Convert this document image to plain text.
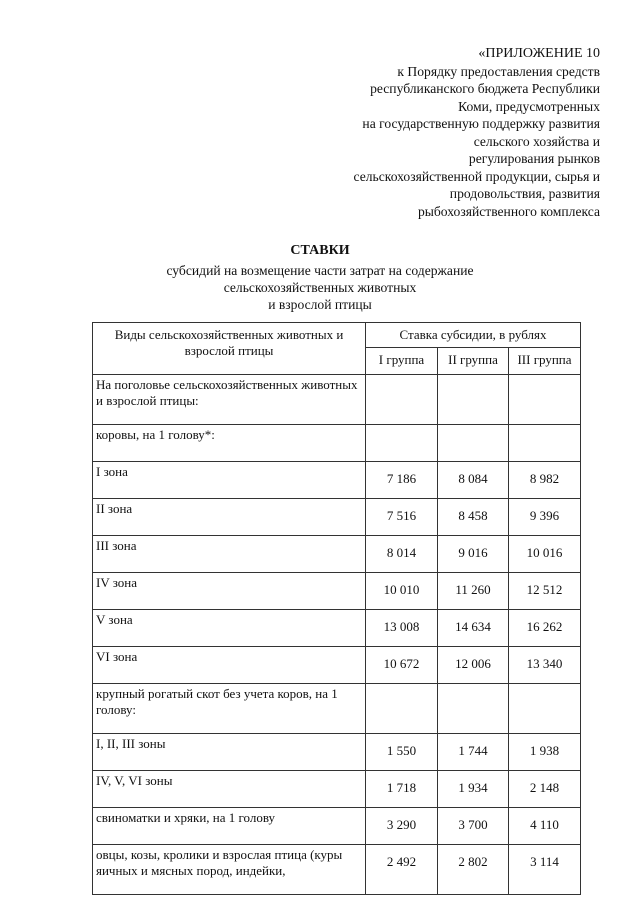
«ПРИЛОЖЕНИЕ 10
к Порядку предоставления средств
республиканского бюджета Республики
Коми, предусмотренных
на государственную поддержку развития
сельского хозяйства и
регулирования рынков
сельскохозяйственной продукции, сырья и
продовольствия, развития
рыбохозяйственного комплекса
СТАВКИ
субсидий на возмещение части затрат на содержание
сельскохозяйственных животных
и взрослой птицы
Виды сельскохозяйственных животных и взрослой птицы	Ставка субсидии, в рублях		
	I группа	II группа	III группа
На поголовье сельскохозяйственных животных и взрослой птицы:			
коровы, на 1 голову*:			
I зона	7 186	8 084	8 982
II зона	7 516	8 458	9 396
III зона	8 014	9 016	10 016
IV зона	10 010	11 260	12 512
V зона	13 008	14 634	16 262
VI зона	10 672	12 006	13 340
крупный рогатый скот без учета коров, на 1 голову:			
I, II, III зоны	1 550	1 744	1 938
IV, V, VI зоны	1 718	1 934	2 148
свиноматки и хряки, на 1 голову	3 290	3 700	4 110
овцы, козы, кролики и взрослая птица (куры яичных и мясных пород, индейки,	2 492	2 802	3 114
